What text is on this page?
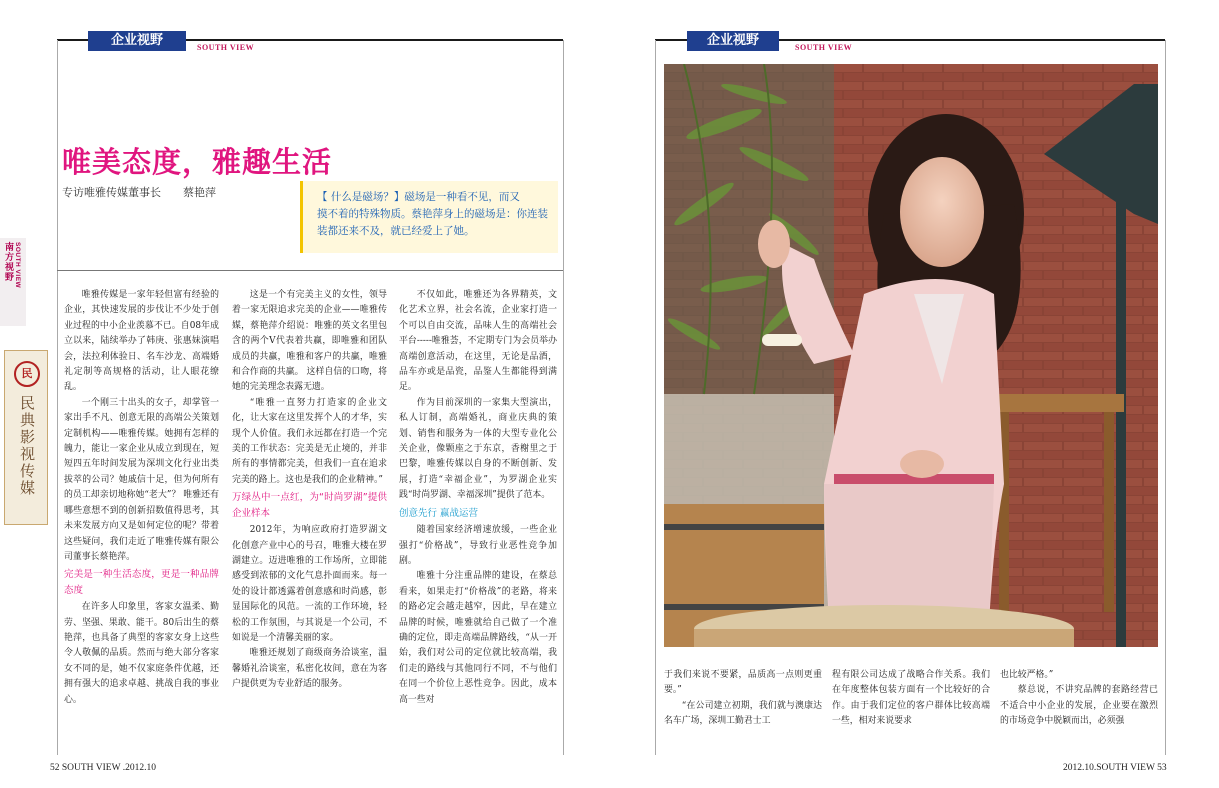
企业视野	SOUTH VIEW	企业视野	SOUTH VIEW
南方视野 SOUTH VIEW
民
民典影视传媒
唯美态度，雅趣生活
专访唯雅传媒董事长 蔡艳萍	【 什么是磁场？】磁场是一种看不见，而又

摸不着的特殊物质。蔡艳萍身上的磁场是：你连装

装都还来不及，就已经爱上了她。

唯雅传媒是一家年轻但富有经验的企业，其快速发展的步伐让不少处于创业过程的中小企业羡慕不已。自08年成立以来，陆续举办了韩庚、张惠妹演唱会，法拉利体验日、名车沙龙、高端婚礼定制等高规格的活动，让人眼花缭乱。

一个刚三十出头的女子，却掌管一家出手不凡、创意无限的高端公关策划定制机构——唯雅传媒。她拥有怎样的魄力，能让一家企业从成立到现在，短短四五年时间发展为深圳文化行业出类拔萃的公司？她戚信十足，但为何所有的员工却亲切地称她“老大”？ 唯雅还有哪些意想不到的创新招数值得思考，其未来发展方向又是如何定位的呢？带着这些疑问，我们走近了唯雅传媒有限公司董事长蔡艳萍。

完美是一种生活态度，更是一种品牌态度

在许多人印象里，客家女温柔、勤劳、坚强、果敢、能干。80后出生的蔡艳萍，也具备了典型的客家女身上这些令人敬佩的品质。然而与绝大部分客家女不同的是，她不仅家庭条件优越，还拥有强大的追求卓越、挑战自我的事业心。

这是一个有完美主义的女性，领导着一家无限追求完美的企业——唯雅传媒，蔡艳萍介绍说：唯雅的英文名里包含的两个V代表着共赢，即唯雅和团队成员的共赢，唯雅和客户的共赢，唯雅和合作商的共赢。 这样自信的口吻，将她的完美理念表露无遗。

“唯雅一直努力打造家的企业文化，让大家在这里发挥个人的才华，实现个人价值。我们永远都在打造一个完美的工作状态：完美是无止境的，并非所有的事情都完美，但我们一直在追求完美的路上。这也是我们的企业精神。”

万绿丛中一点红，为“时尚罗湖”提供企业样本

2012年，为响应政府打造罗湖文化创意产业中心的号召，唯雅大楼在罗湖建立。迈进唯雅的工作场所，立即能感受到浓郁的文化气息扑面而来。每一处的设计都透露着创意感和时尚感，彰显国际化的风范。一流的工作环境，轻松的工作氛围，与其说是一个公司，不如说是一个清馨美丽的家。

唯雅还规划了商级商务洽谈室，温馨婚礼洽谈室，私密化妆间，意在为客户提供更为专业舒适的服务。

不仅如此，唯雅还为各界精英，文化艺术立界，社会名流，企业家打造一个可以自由交流，品味人生的高端社会平台-----唯雅荟，不定期专门为会员举办高端创意活动，在这里，无论是品酒，品车亦或是品瓷，品鉴人生都能得到满足。

作为目前深圳的一家集大型演出，私人订制，高端婚礼，商业庆典的策划、销售和服务为一体的大型专业化公关企业，像颗座之于东京，香榭里之于巴黎，唯雅传媒以自身的不断创新、发展，打造“幸福企业”，为罗湖企业实践“时尚罗湖、幸福深圳”提供了范本。

创意先行 赢战运营

随着国家经济增速放缓，一些企业强打“价格战”，导致行业恶性竞争加剧。

唯雅十分注重品牌的建设，在蔡总看来，如果走打“价格战”的老路，将来的路必定会越走越窄，因此，早在建立品牌的时候，唯雅就给自己做了一个准确的定位，即走高端品牌路线，“从一开始，我们对公司的定位就比较高端，我们走的路线与其他同行不同，不与他们在同一个价位上恶性竞争。因此，成本高一些对

于我们来说不要紧，品质高一点则更重要。”

“在公司建立初期，我们就与澳康达名车广场，深圳工勤君士工

程有限公司达成了战略合作关系。我们在年度整体包装方面有一个比较好的合作。由于我们定位的客户群体比较高端一些，相对来说要求

也比较严格。”

蔡总说，不讲究品牌的套路经营已不适合中小企业的发展，企业要在激烈的市场竞争中脱颖而出，必须强

52 SOUTH VIEW .2012.10	2012.10.SOUTH VIEW 53
